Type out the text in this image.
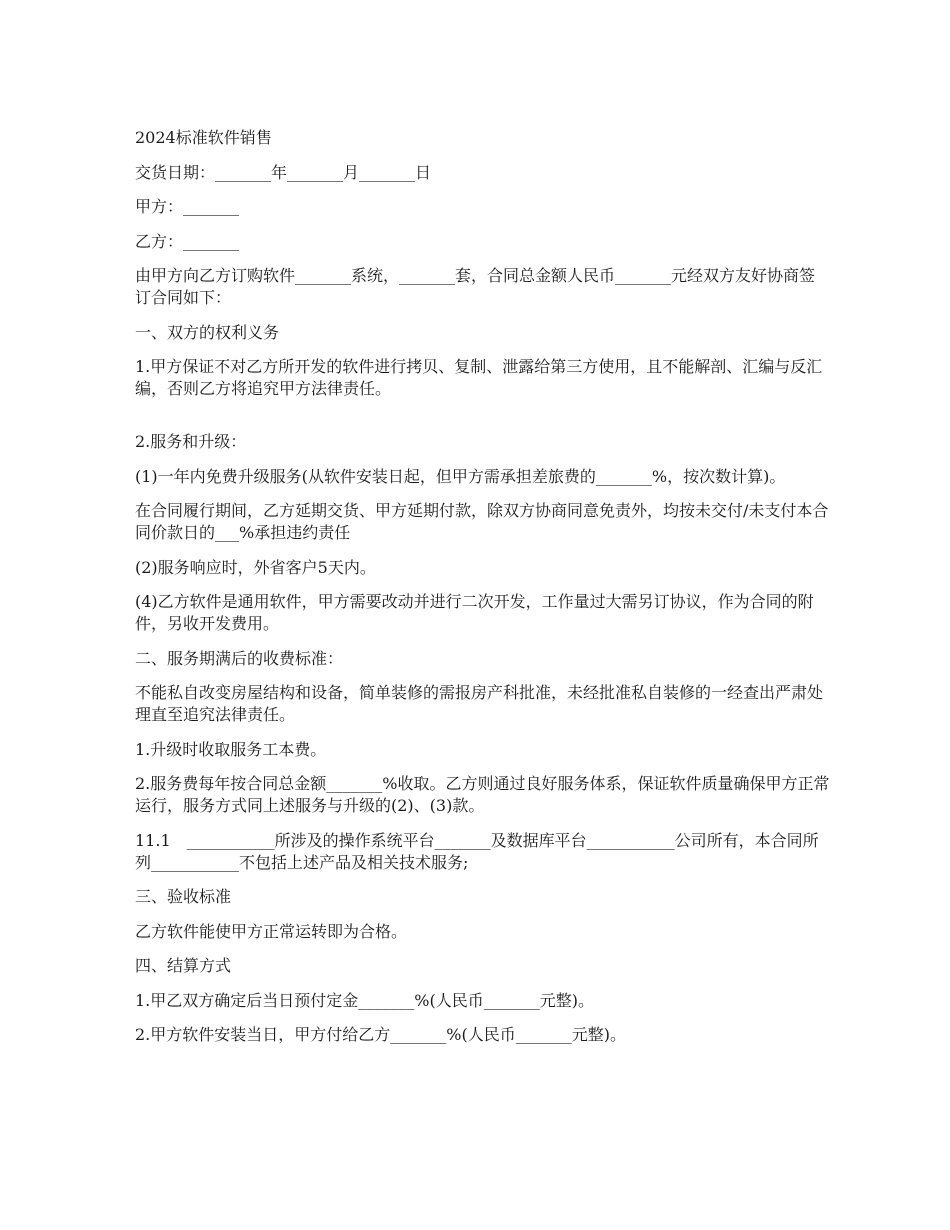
2024标准软件销售

交货日期：_______年_______月_______日

甲方：_______

乙方：_______

由甲方向乙方订购软件_______系统，_______套，合同总金额人民币_______元经双方友好协商签订合同如下：

一、双方的权利义务

1.甲方保证不对乙方所开发的软件进行拷贝、复制、泄露给第三方使用，且不能解剖、汇编与反汇编，否则乙方将追究甲方法律责任。

2.服务和升级：

(1)一年内免费升级服务(从软件安装日起，但甲方需承担差旅费的_______%，按次数计算)。

在合同履行期间，乙方延期交货、甲方延期付款，除双方协商同意免责外，均按未交付/未支付本合同价款日的___%承担违约责任

(2)服务响应时，外省客户5天内。

(4)乙方软件是通用软件，甲方需要改动并进行二次开发，工作量过大需另订协议，作为合同的附件，另收开发费用。

二、服务期满后的收费标准：

不能私自改变房屋结构和设备，简单装修的需报房产科批准，未经批准私自装修的一经查出严肃处理直至追究法律责任。

1.升级时收取服务工本费。

2.服务费每年按合同总金额_______%收取。乙方则通过良好服务体系，保证软件质量确保甲方正常运行，服务方式同上述服务与升级的(2)、(3)款。

11.1　___________所涉及的操作系统平台_______及数据库平台___________公司所有，本合同所列___________不包括上述产品及相关技术服务;

三、验收标准

乙方软件能使甲方正常运转即为合格。

四、结算方式

1.甲乙双方确定后当日预付定金_______%(人民币_______元整)。

2.甲方软件安装当日，甲方付给乙方_______%(人民币_______元整)。
